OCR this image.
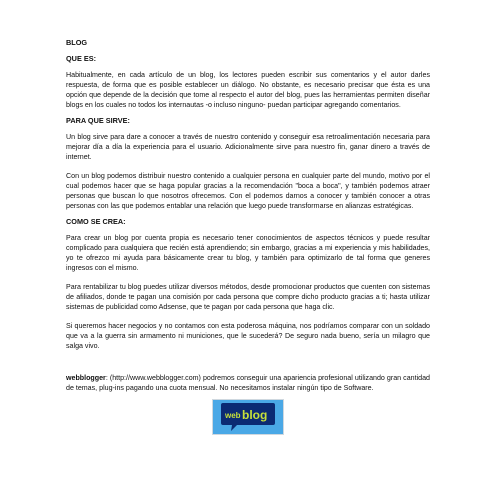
BLOG
QUE ES:

Habitualmente, en cada artículo de un blog, los lectores pueden escribir sus comentarios y el autor darles respuesta, de forma que es posible establecer un diálogo. No obstante, es necesario precisar que ésta es una opción que depende de la decisión que tome al respecto el autor del blog, pues las herramientas permiten diseñar blogs en los cuales no todos los internautas -o incluso ninguno- puedan participar agregando comentarios.

PARA QUE SIRVE:

Un blog sirve para dare a conocer a través de nuestro contenido y conseguir esa retroalimentación necesaria para mejorar día a día la experiencia para el usuario. Adicionalmente sirve para nuestro fin, ganar dinero a través de internet.

Con un blog podemos distribuir nuestro contenido a cualquier persona en cualquier parte del mundo, motivo por el cual podemos hacer que se haga popular gracias a la recomendación "boca a boca", y también podemos atraer personas que buscan lo que nosotros ofrecemos. Con el podemos darnos a conocer y también conocer a otras personas con las que podemos entablar una relación que luego puede transformarse en alianzas estratégicas.

COMO SE CREA:

Para crear un blog por cuenta propia es necesario tener conocimientos de aspectos técnicos y puede resultar complicado para cualquiera que recién está aprendiendo; sin embargo, gracias a mi experiencia y mis habilidades, yo te ofrezco mi ayuda para básicamente crear tu blog, y también para optimizarlo de tal forma que generes ingresos con el mismo.

Para rentabilizar tu blog puedes utilizar diversos métodos, desde promocionar productos que cuenten con sistemas de afiliados, donde te pagan una comisión por cada persona que compre dicho producto gracias a ti; hasta utilizar sistemas de publicidad como Adsense, que te pagan por cada persona que haga clic.

Si queremos hacer negocios y no contamos con esta poderosa máquina, nos podríamos comparar con un soldado que va a la guerra sin armamento ni municiones, que le sucederá? De seguro nada bueno, sería un milagro que salga vivo.

webblogger: (http://www.webblogger.com) podremos conseguir una apariencia profesional utilizando gran cantidad de temas, plug-ins pagando una cuota mensual. No necesitamos instalar ningún tipo de Software.

web blog
